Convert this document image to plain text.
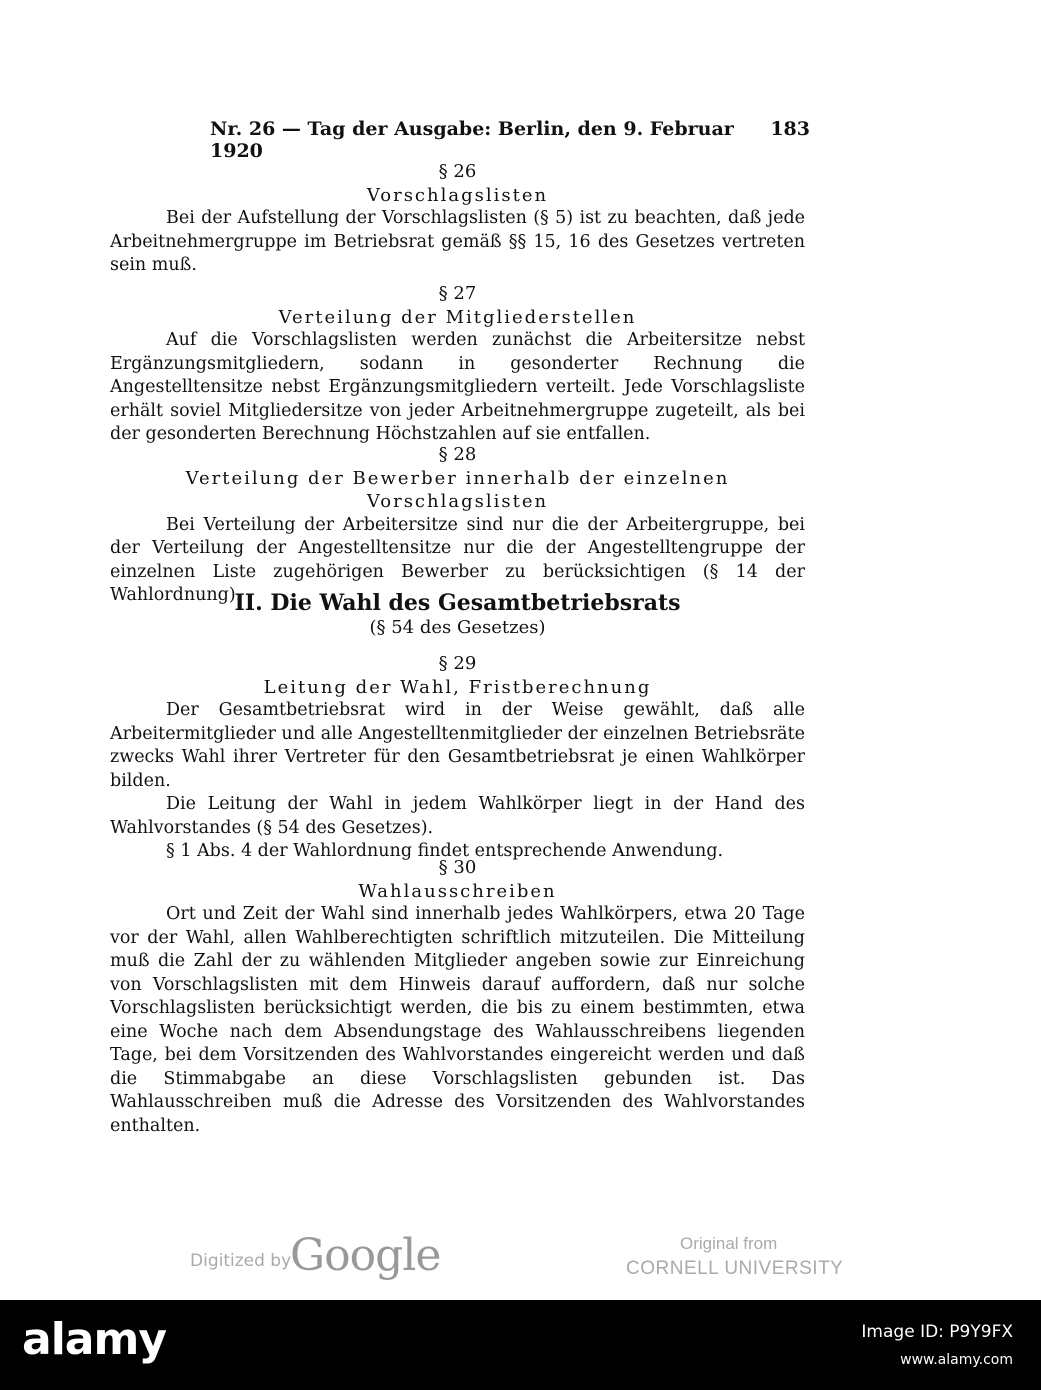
Nr. 26 — Tag der Ausgabe: Berlin, den 9. Februar 1920
183

§ 26

Vorschlagslisten

Bei der Aufstellung der Vorschlagslisten (§ 5) ist zu beachten, daß jede Arbeitnehmergruppe im Betriebsrat gemäß §§ 15, 16 des Gesetzes vertreten sein muß.

§ 27

Verteilung der Mitgliederstellen

Auf die Vorschlagslisten werden zunächst die Arbeitersitze nebst Ergänzungsmitgliedern, sodann in gesonderter Rechnung die Angestelltensitze nebst Ergänzungsmitgliedern verteilt. Jede Vorschlagsliste erhält soviel Mitgliedersitze von jeder Arbeitnehmergruppe zugeteilt, als bei der gesonderten Berechnung Höchstzahlen auf sie entfallen.

§ 28

Verteilung der Bewerber innerhalb der einzelnen Vorschlagslisten

Bei Verteilung der Arbeitersitze sind nur die der Arbeitergruppe, bei der Verteilung der Angestelltensitze nur die der Angestelltengruppe der einzelnen Liste zugehörigen Bewerber zu berücksichtigen (§ 14 der Wahlordnung).

II. Die Wahl des Gesamtbetriebsrats

(§ 54 des Gesetzes)

§ 29

Leitung der Wahl, Fristberechnung

Der Gesamtbetriebsrat wird in der Weise gewählt, daß alle Arbeitermitglieder und alle Angestelltenmitglieder der einzelnen Betriebsräte zwecks Wahl ihrer Vertreter für den Gesamtbetriebsrat je einen Wahlkörper bilden.

Die Leitung der Wahl in jedem Wahlkörper liegt in der Hand des Wahlvorstandes (§ 54 des Gesetzes).

§ 1 Abs. 4 der Wahlordnung findet entsprechende Anwendung.

§ 30

Wahlausschreiben

Ort und Zeit der Wahl sind innerhalb jedes Wahlkörpers, etwa 20 Tage vor der Wahl, allen Wahlberechtigten schriftlich mitzuteilen. Die Mitteilung muß die Zahl der zu wählenden Mitglieder angeben sowie zur Einreichung von Vorschlagslisten mit dem Hinweis darauf auffordern, daß nur solche Vorschlagslisten berücksichtigt werden, die bis zu einem bestimmten, etwa eine Woche nach dem Absendungstage des Wahlausschreibens liegenden Tage, bei dem Vorsitzenden des Wahlvorstandes eingereicht werden und daß die Stimmabgabe an diese Vorschlagslisten gebunden ist. Das Wahlausschreiben muß die Adresse des Vorsitzenden des Wahlvorstandes enthalten.

Digitized by
Google	Original from
CORNELL UNIVERSITY
alamy	Image ID: P9Y9FX
www.alamy.com
